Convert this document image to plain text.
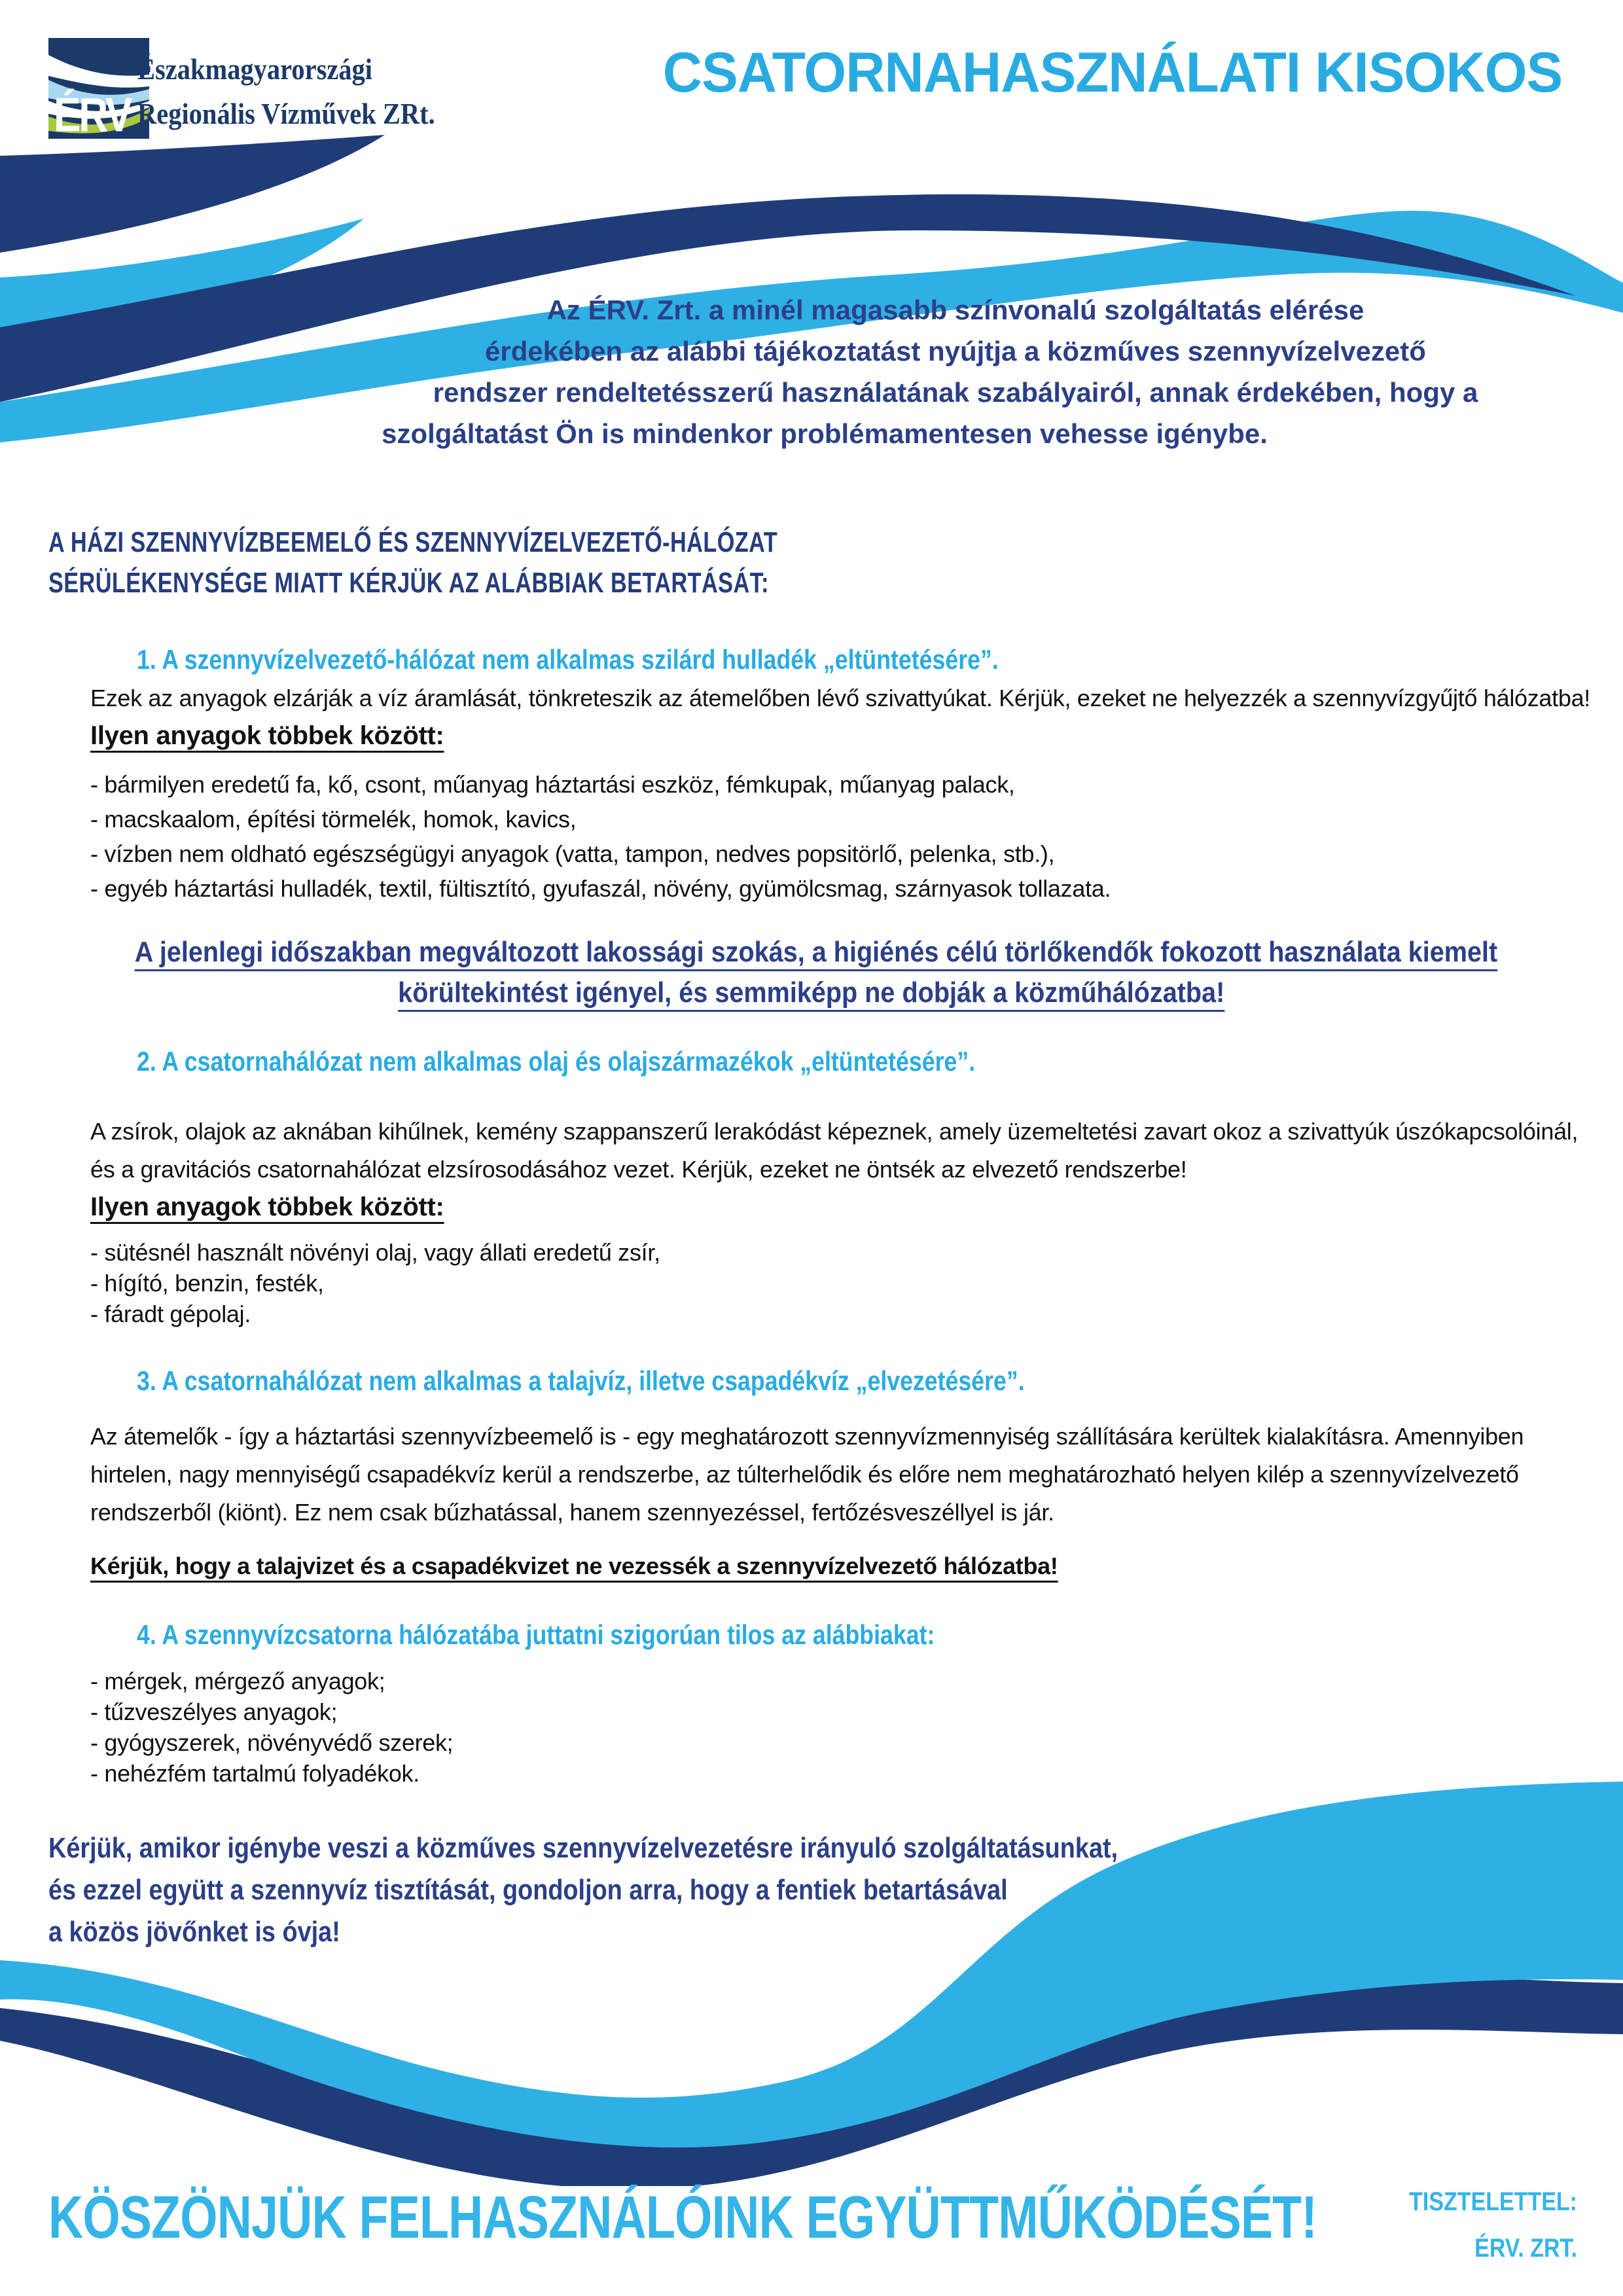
ÉRV
Északmagyarországi
Regionális Vízművek ZRt.
CSATORNAHASZNÁLATI KISOKOS
Az ÉRV. Zrt. a minél magasabb színvonalú szolgáltatás elérése
érdekében az alábbi tájékoztatást nyújtja a közműves szennyvízelvezető
rendszer rendeltetésszerű használatának szabályairól, annak érdekében, hogy a
szolgáltatást Ön is mindenkor problémamentesen vehesse igénybe.
A HÁZI SZENNYVÍZBEEMELŐ ÉS SZENNYVÍZELVEZETŐ-HÁLÓZAT
SÉRÜLÉKENYSÉGE MIATT KÉRJÜK AZ ALÁBBIAK BETARTÁSÁT:
1. A szennyvízelvezető-hálózat nem alkalmas szilárd hulladék „eltüntetésére”.
Ezek az anyagok elzárják a víz áramlását, tönkreteszik az átemelőben lévő szivattyúkat. Kérjük, ezeket ne helyezzék a szennyvízgyűjtő hálózatba!
Ilyen anyagok többek között:
- bármilyen eredetű fa, kő, csont, műanyag háztartási eszköz, fémkupak, műanyag palack,
- macskaalom, építési törmelék, homok, kavics,
- vízben nem oldható egészségügyi anyagok (vatta, tampon, nedves popsitörlő, pelenka, stb.),
- egyéb háztartási hulladék, textil, fültisztító, gyufaszál, növény, gyümölcsmag, szárnyasok tollazata.
A jelenlegi időszakban megváltozott lakossági szokás, a higiénés célú törlőkendők fokozott használata kiemelt
körültekintést igényel, és semmiképp ne dobják a közműhálózatba!
2. A csatornahálózat nem alkalmas olaj és olajszármazékok „eltüntetésére”.
A zsírok, olajok az aknában kihűlnek, kemény szappanszerű lerakódást képeznek, amely üzemeltetési zavart okoz a szivattyúk úszókapcsolóinál, és a gravitációs csatornahálózat elzsírosodásához vezet. Kérjük, ezeket ne öntsék az elvezető rendszerbe!
Ilyen anyagok többek között:
- sütésnél használt növényi olaj, vagy állati eredetű zsír,
- hígító, benzin, festék,
- fáradt gépolaj.
3. A csatornahálózat nem alkalmas a talajvíz, illetve csapadékvíz „elvezetésére”.
Az átemelők - így a háztartási szennyvízbeemelő is - egy meghatározott szennyvízmennyiség szállítására kerültek kialakításra. Amennyiben hirtelen, nagy mennyiségű csapadékvíz kerül a rendszerbe, az túlterhelődik és előre nem meghatározható helyen kilép a szennyvízelvezető rendszerből (kiönt). Ez nem csak bűzhatással, hanem szennyezéssel, fertőzésveszéllyel is jár.
Kérjük, hogy a talajvizet és a csapadékvizet ne vezessék a szennyvízelvezető hálózatba!
4. A szennyvízcsatorna hálózatába juttatni szigorúan tilos az alábbiakat:
- mérgek, mérgező anyagok;
- tűzveszélyes anyagok;
- gyógyszerek, növényvédő szerek;
- nehézfém tartalmú folyadékok.
Kérjük, amikor igénybe veszi a közműves szennyvízelvezetésre irányuló szolgáltatásunkat,
és ezzel együtt a szennyvíz tisztítását, gondoljon arra, hogy a fentiek betartásával
a közös jövőnket is óvja!
KÖSZÖNJÜK FELHASZNÁLÓINK EGYÜTTMŰKÖDÉSÉT!	TISZTELETTEL:
ÉRV. ZRT.
